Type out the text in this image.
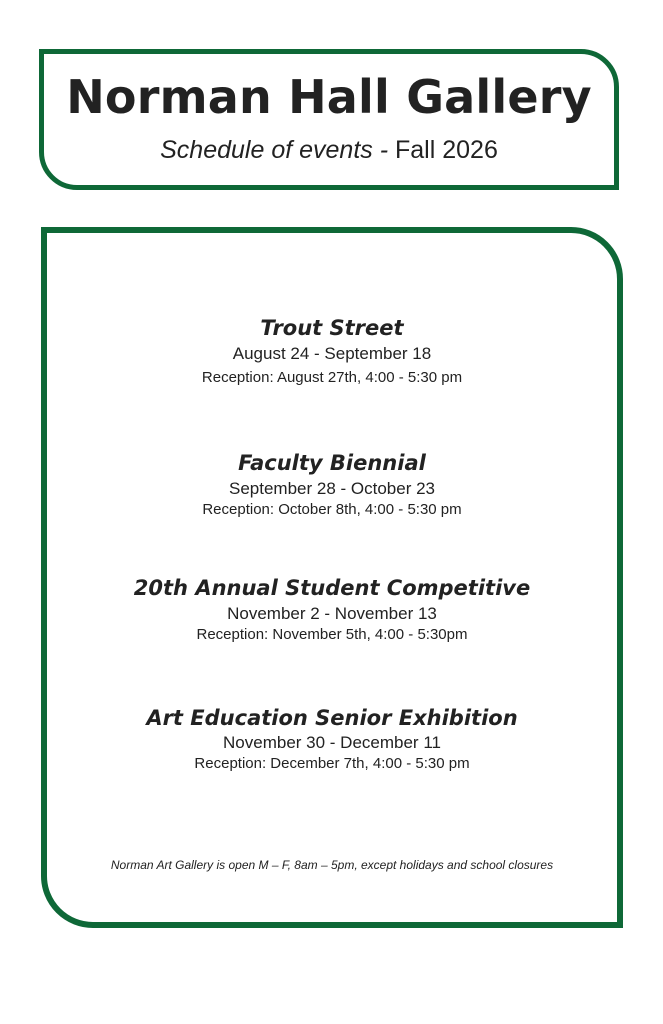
Norman Hall Gallery
Schedule of events - Fall 2026
Trout Street
August 24 - September 18
Reception: August 27th, 4:00 - 5:30 pm
Faculty Biennial
September 28 - October 23
Reception: October 8th, 4:00 - 5:30 pm
20th Annual Student Competitive
November 2 - November 13
Reception: November 5th, 4:00 - 5:30pm
Art Education Senior Exhibition
November 30 - December 11
Reception: December 7th, 4:00 - 5:30 pm
Norman Art Gallery is open M – F, 8am – 5pm, except holidays and school closures
